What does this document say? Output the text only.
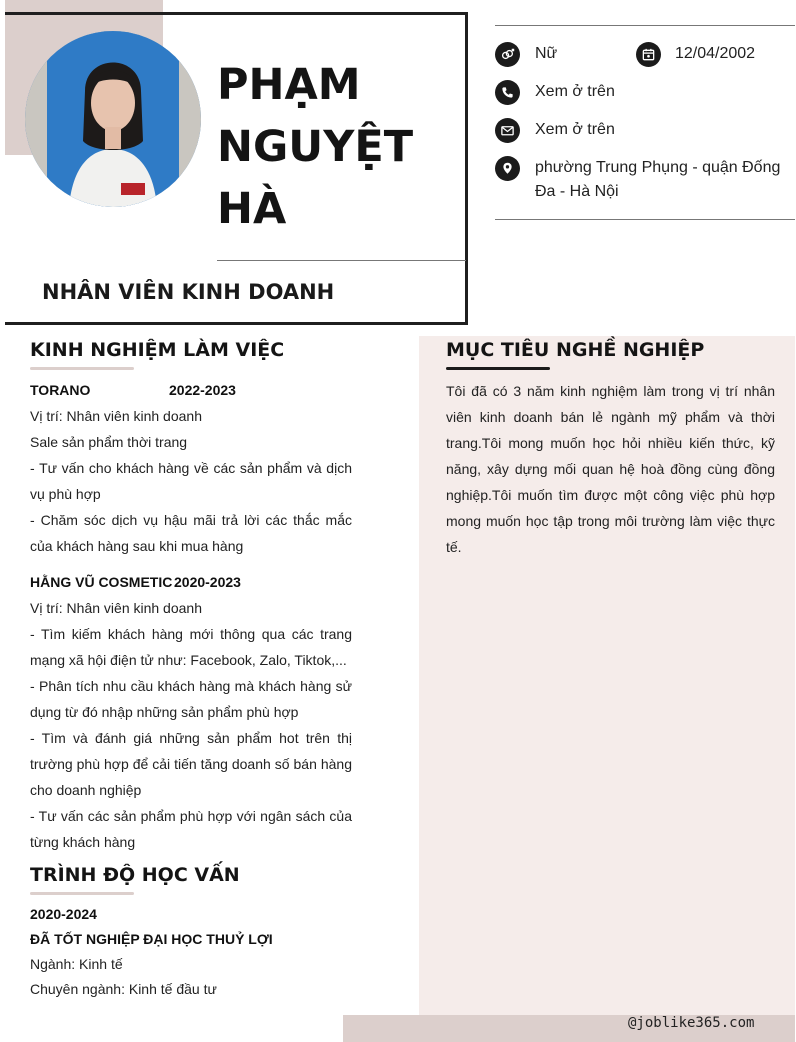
PHẠM
NGUYỆT
HÀ
NHÂN VIÊN KINH DOANH
Nữ	12/04/2002
Xem ở trên
Xem ở trên
phường Trung Phụng - quận Đống Đa - Hà Nội
KINH NGHIỆM LÀM VIỆC
TORANO	2022-2023

Vị trí: Nhân viên kinh doanh

Sale sản phẩm thời trang

- Tư vấn cho khách hàng về các sản phẩm và dịch vụ phù hợp

- Chăm sóc dịch vụ hậu mãi trả lời các thắc mắc của khách hàng sau khi mua hàng

HẰNG VŨ COSMETIC 2020-2023

Vị trí: Nhân viên kinh doanh

- Tìm kiếm khách hàng mới thông qua các trang mạng xã hội điện tử như: Facebook, Zalo, Tiktok,...

- Phân tích nhu cầu khách hàng mà khách hàng sử dụng từ đó nhập những sản phẩm phù hợp

- Tìm và đánh giá những sản phẩm hot trên thị trường phù hợp để cải tiến tăng doanh số bán hàng cho doanh nghiệp

- Tư vấn các sản phẩm phù hợp với ngân sách của từng khách hàng

TRÌNH ĐỘ HỌC VẤN
2020-2024
ĐÃ TỐT NGHIỆP ĐẠI HỌC THUỶ LỢI

Ngành: Kinh tế

Chuyên ngành: Kinh tế đầu tư

MỤC TIÊU NGHỀ NGHIỆP

Tôi đã có 3 năm kinh nghiệm làm trong vị trí nhân viên kinh doanh bán lẻ ngành mỹ phẩm và thời trang.Tôi mong muốn học hỏi nhiều kiến thức, kỹ năng, xây dựng mối quan hệ hoà đồng cùng đồng nghiệp.Tôi muốn tìm được một công việc phù hợp mong muốn học tập trong môi trường làm việc thực tế.

@joblike365.com
